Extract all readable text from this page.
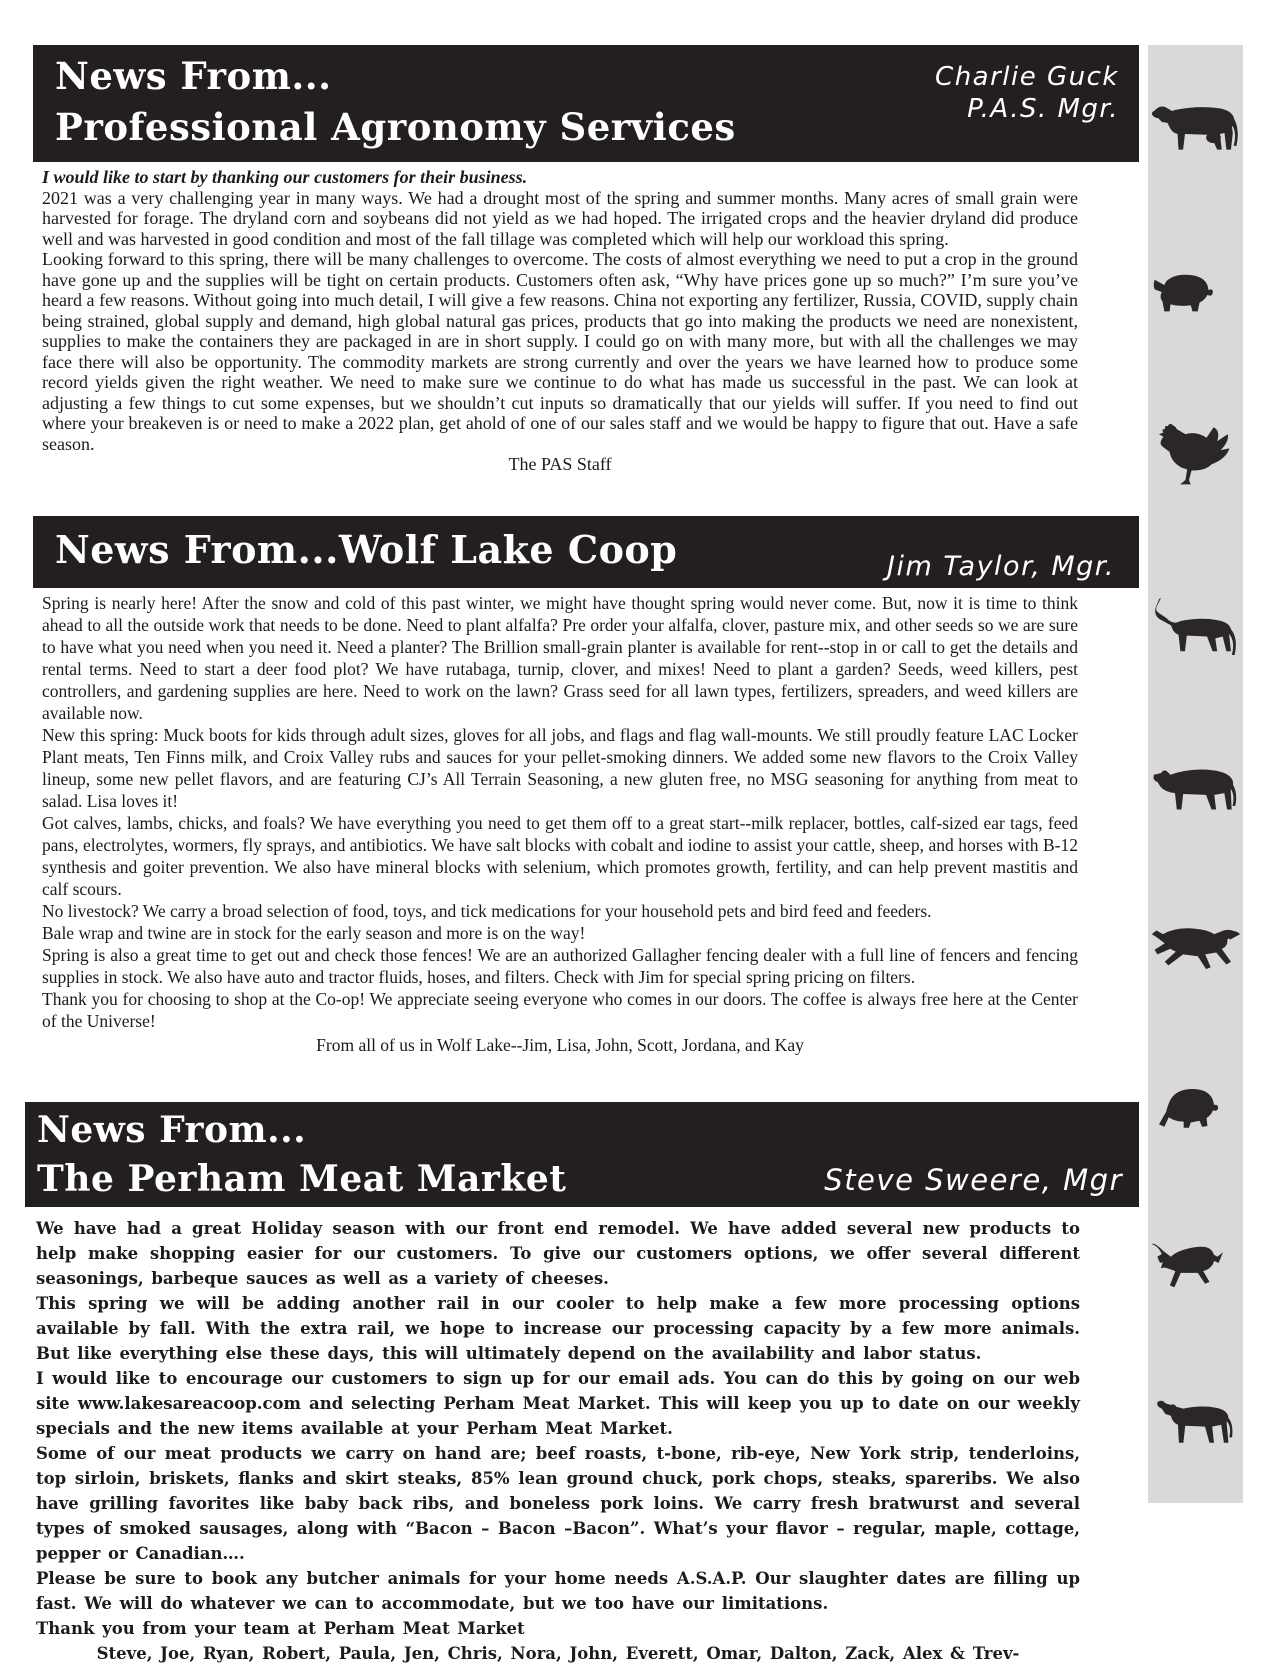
News From...
Professional Agronomy Services
Charlie Guck
P.A.S. Mgr.

I would like to start by thanking our customers for their business.

2021 was a very challenging year in many ways. We had a drought most of the spring and summer months. Many acres of small grain were harvested for forage. The dryland corn and soybeans did not yield as we had hoped. The irrigated crops and the heavier dryland did produce well and was harvested in good condition and most of the fall tillage was completed which will help our workload this spring.

Looking forward to this spring, there will be many challenges to overcome. The costs of almost everything we need to put a crop in the ground have gone up and the supplies will be tight on certain products. Customers often ask, “Why have prices gone up so much?” I’m sure you’ve heard a few reasons. Without going into much detail, I will give a few reasons. China not exporting any fertilizer, Russia, COVID, supply chain being strained, global supply and demand, high global natural gas prices, products that go into making the products we need are nonexistent, supplies to make the containers they are packaged in are in short supply. I could go on with many more, but with all the challenges we may face there will also be opportunity. The commodity markets are strong currently and over the years we have learned how to produce some record yields given the right weather. We need to make sure we continue to do what has made us successful in the past. We can look at adjusting a few things to cut some expenses, but we shouldn’t cut inputs so dramatically that our yields will suffer. If you need to find out where your breakeven is or need to make a 2022 plan, get ahold of one of our sales staff and we would be happy to figure that out. Have a safe season.

The PAS Staff

News From...Wolf Lake Coop	Jim Taylor, Mgr.

Spring is nearly here! After the snow and cold of this past winter, we might have thought spring would never come. But, now it is time to think ahead to all the outside work that needs to be done. Need to plant alfalfa? Pre order your alfalfa, clover, pasture mix, and other seeds so we are sure to have what you need when you need it. Need a planter? The Brillion small-grain planter is available for rent--stop in or call to get the details and rental terms. Need to start a deer food plot? We have rutabaga, turnip, clover, and mixes! Need to plant a garden? Seeds, weed killers, pest controllers, and gardening supplies are here. Need to work on the lawn? Grass seed for all lawn types, fertilizers, spreaders, and weed killers are available now.

New this spring: Muck boots for kids through adult sizes, gloves for all jobs, and flags and flag wall-mounts. We still proudly feature LAC Locker Plant meats, Ten Finns milk, and Croix Valley rubs and sauces for your pellet-smoking dinners. We added some new flavors to the Croix Valley lineup, some new pellet flavors, and are featuring CJ’s All Terrain Seasoning, a new gluten free, no MSG seasoning for anything from meat to salad. Lisa loves it!

Got calves, lambs, chicks, and foals? We have everything you need to get them off to a great start--milk replacer, bottles, calf-sized ear tags, feed pans, electrolytes, wormers, fly sprays, and antibiotics. We have salt blocks with cobalt and iodine to assist your cattle, sheep, and horses with B-12 synthesis and goiter prevention. We also have mineral blocks with selenium, which promotes growth, fertility, and can help prevent mastitis and calf scours.

No livestock? We carry a broad selection of food, toys, and tick medications for your household pets and bird feed and feeders.

Bale wrap and twine are in stock for the early season and more is on the way!

Spring is also a great time to get out and check those fences! We are an authorized Gallagher fencing dealer with a full line of fencers and fencing supplies in stock. We also have auto and tractor fluids, hoses, and filters. Check with Jim for special spring pricing on filters.

Thank you for choosing to shop at the Co-op! We appreciate seeing everyone who comes in our doors. The coffee is always free here at the Center of the Universe!

From all of us in Wolf Lake--Jim, Lisa, John, Scott, Jordana, and Kay

News From...
The Perham Meat Market	Steve Sweere, Mgr

We have had a great Holiday season with our front end remodel. We have added several new products to help make shopping easier for our customers. To give our customers options, we offer several different seasonings, barbeque sauces as well as a variety of cheeses.

This spring we will be adding another rail in our cooler to help make a few more processing options available by fall. With the extra rail, we hope to increase our processing capacity by a few more animals. But like everything else these days, this will ultimately depend on the availability and labor status.

I would like to encourage our customers to sign up for our email ads. You can do this by going on our web site www.lakesareacoop.com and selecting Perham Meat Market. This will keep you up to date on our weekly specials and the new items available at your Perham Meat Market.

Some of our meat products we carry on hand are; beef roasts, t-bone, rib-eye, New York strip, tenderloins, top sirloin, briskets, flanks and skirt steaks, 85% lean ground chuck, pork chops, steaks, spareribs. We also have grilling favorites like baby back ribs, and boneless pork loins. We carry fresh bratwurst and several types of smoked sausages, along with “Bacon – Bacon –Bacon”. What’s your flavor – regular, maple, cottage, pepper or Canadian….

Please be sure to book any butcher animals for your home needs A.S.A.P. Our slaughter dates are filling up fast. We will do whatever we can to accommodate, but we too have our limitations.

Thank you from your team at Perham Meat Market

Steve, Joe, Ryan, Robert, Paula, Jen, Chris, Nora, John, Everett, Omar, Dalton, Zack, Alex & Trev-
